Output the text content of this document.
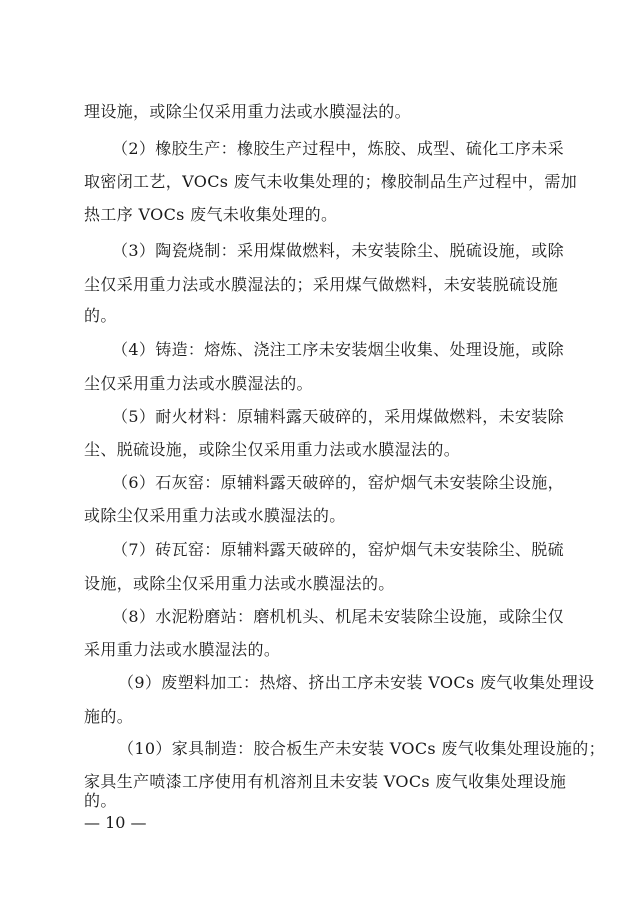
理设施，或除尘仅采用重力法或水膜湿法的。
（2）橡胶生产：橡胶生产过程中，炼胶、成型、硫化工序未采
取密闭工艺，VOCs 废气未收集处理的；橡胶制品生产过程中，需加
热工序 VOCs 废气未收集处理的。
（3）陶瓷烧制：采用煤做燃料，未安装除尘、脱硫设施，或除
尘仅采用重力法或水膜湿法的；采用煤气做燃料，未安装脱硫设施
的。
（4）铸造：熔炼、浇注工序未安装烟尘收集、处理设施，或除
尘仅采用重力法或水膜湿法的。
（5）耐火材料：原辅料露天破碎的，采用煤做燃料，未安装除
尘、脱硫设施，或除尘仅采用重力法或水膜湿法的。
（6）石灰窑：原辅料露天破碎的，窑炉烟气未安装除尘设施，
或除尘仅采用重力法或水膜湿法的。
（7）砖瓦窑：原辅料露天破碎的，窑炉烟气未安装除尘、脱硫
设施，或除尘仅采用重力法或水膜湿法的。
（8）水泥粉磨站：磨机机头、机尾未安装除尘设施，或除尘仅
采用重力法或水膜湿法的。
（9）废塑料加工：热熔、挤出工序未安装 VOCs 废气收集处理设
施的。
（10）家具制造：胶合板生产未安装 VOCs 废气收集处理设施的；
家具生产喷漆工序使用有机溶剂且未安装 VOCs 废气收集处理设施
的。
— 10 —
